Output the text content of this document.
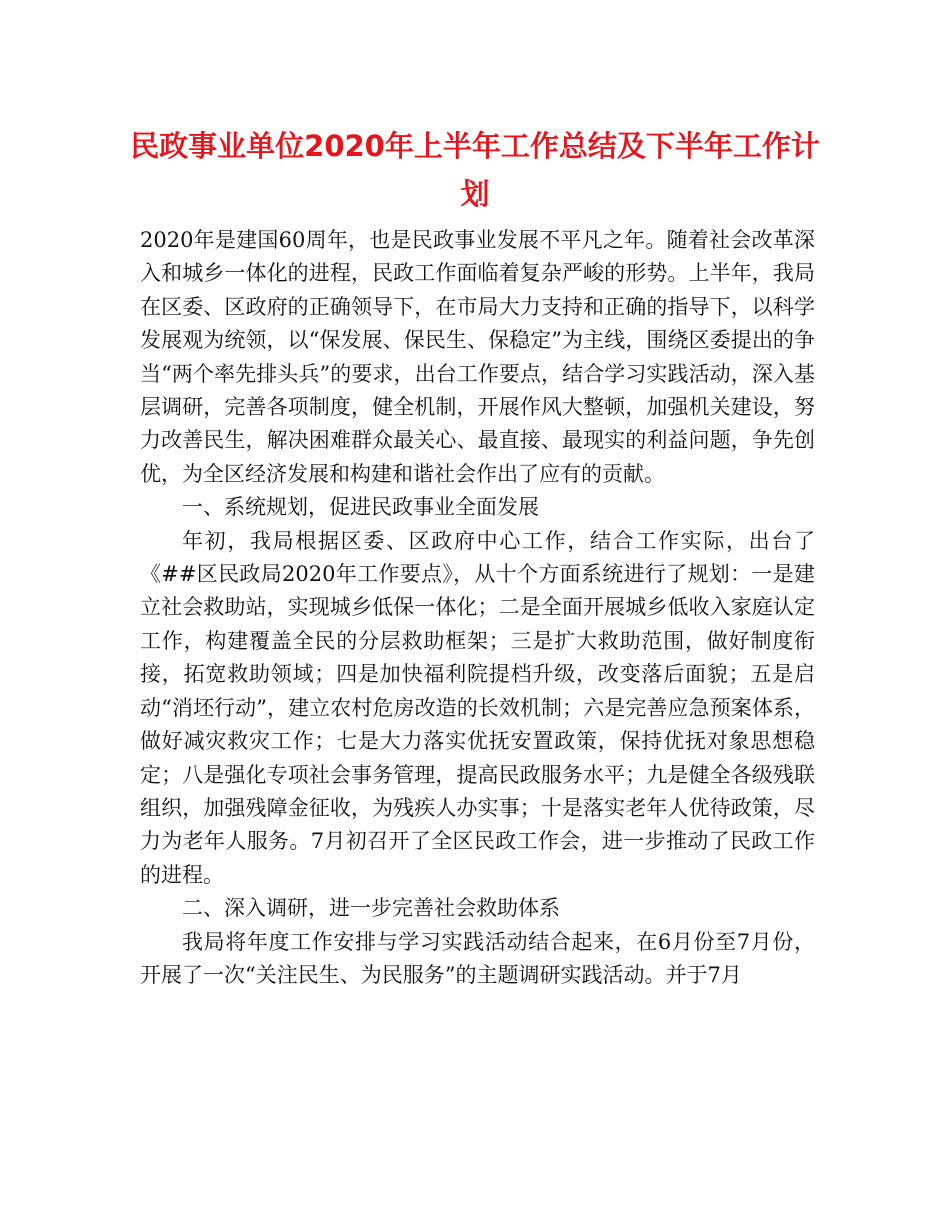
民政事业单位2020年上半年工作总结及下半年工作计划

2020年是建国60周年，也是民政事业发展不平凡之年。随着社会改革深入和城乡一体化的进程，民政工作面临着复杂严峻的形势。上半年，我局在区委、区政府的正确领导下，在市局大力支持和正确的指导下，以科学发展观为统领，以“保发展、保民生、保稳定”为主线，围绕区委提出的争当“两个率先排头兵”的要求，出台工作要点，结合学习实践活动，深入基层调研，完善各项制度，健全机制，开展作风大整顿，加强机关建设，努力改善民生，解决困难群众最关心、最直接、最现实的利益问题，争先创优，为全区经济发展和构建和谐社会作出了应有的贡献。

一、系统规划，促进民政事业全面发展

年初，我局根据区委、区政府中心工作，结合工作实际，出台了《##区民政局2020年工作要点》，从十个方面系统进行了规划：一是建立社会救助站，实现城乡低保一体化；二是全面开展城乡低收入家庭认定工作，构建覆盖全民的分层救助框架；三是扩大救助范围，做好制度衔接，拓宽救助领域；四是加快福利院提档升级，改变落后面貌；五是启动“消坯行动”，建立农村危房改造的长效机制；六是完善应急预案体系，做好减灾救灾工作；七是大力落实优抚安置政策，保持优抚对象思想稳定；八是强化专项社会事务管理，提高民政服务水平；九是健全各级残联组织，加强残障金征收，为残疾人办实事；十是落实老年人优待政策，尽力为老年人服务。7月初召开了全区民政工作会，进一步推动了民政工作的进程。

二、深入调研，进一步完善社会救助体系

我局将年度工作安排与学习实践活动结合起来，在6月份至7月份，开展了一次“关注民生、为民服务”的主题调研实践活动。并于7月
